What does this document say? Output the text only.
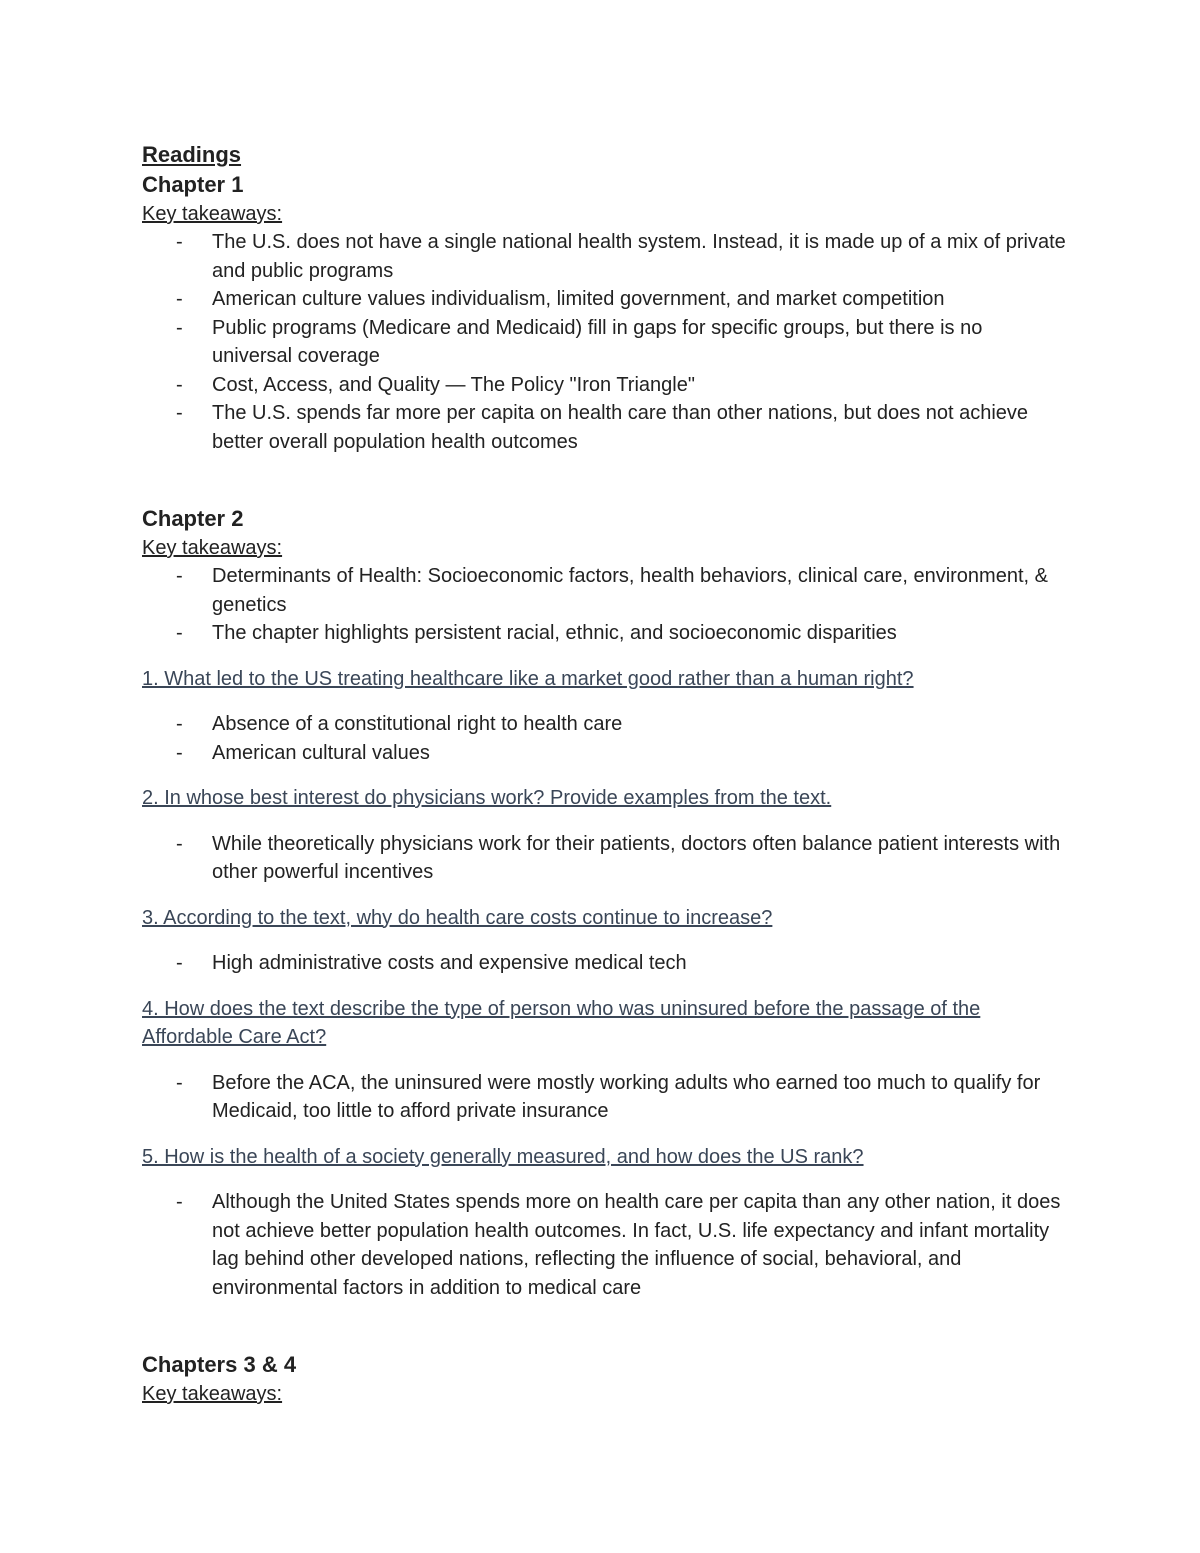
Readings

Chapter 1

Key takeaways:

- The U.S. does not have a single national health system. Instead, it is made up of a mix of private and public programs
- American culture values individualism, limited government, and market competition
- Public programs (Medicare and Medicaid) fill in gaps for specific groups, but there is no universal coverage
- Cost, Access, and Quality — The Policy "Iron Triangle"
- The U.S. spends far more per capita on health care than other nations, but does not achieve better overall population health outcomes

Chapter 2

Key takeaways:

- Determinants of Health: Socioeconomic factors, health behaviors, clinical care, environment, & genetics
- The chapter highlights persistent racial, ethnic, and socioeconomic disparities

1. What led to the US treating healthcare like a market good rather than a human right?

- Absence of a constitutional right to health care
- American cultural values

2. In whose best interest do physicians work? Provide examples from the text.

- While theoretically physicians work for their patients, doctors often balance patient interests with other powerful incentives

3. According to the text, why do health care costs continue to increase?

- High administrative costs and expensive medical tech

4. How does the text describe the type of person who was uninsured before the passage of the Affordable Care Act?

- Before the ACA, the uninsured were mostly working adults who earned too much to qualify for Medicaid, too little to afford private insurance

5. How is the health of a society generally measured, and how does the US rank?

- Although the United States spends more on health care per capita than any other nation, it does not achieve better population health outcomes. In fact, U.S. life expectancy and infant mortality lag behind other developed nations, reflecting the influence of social, behavioral, and environmental factors in addition to medical care

Chapters 3 & 4

Key takeaways:
